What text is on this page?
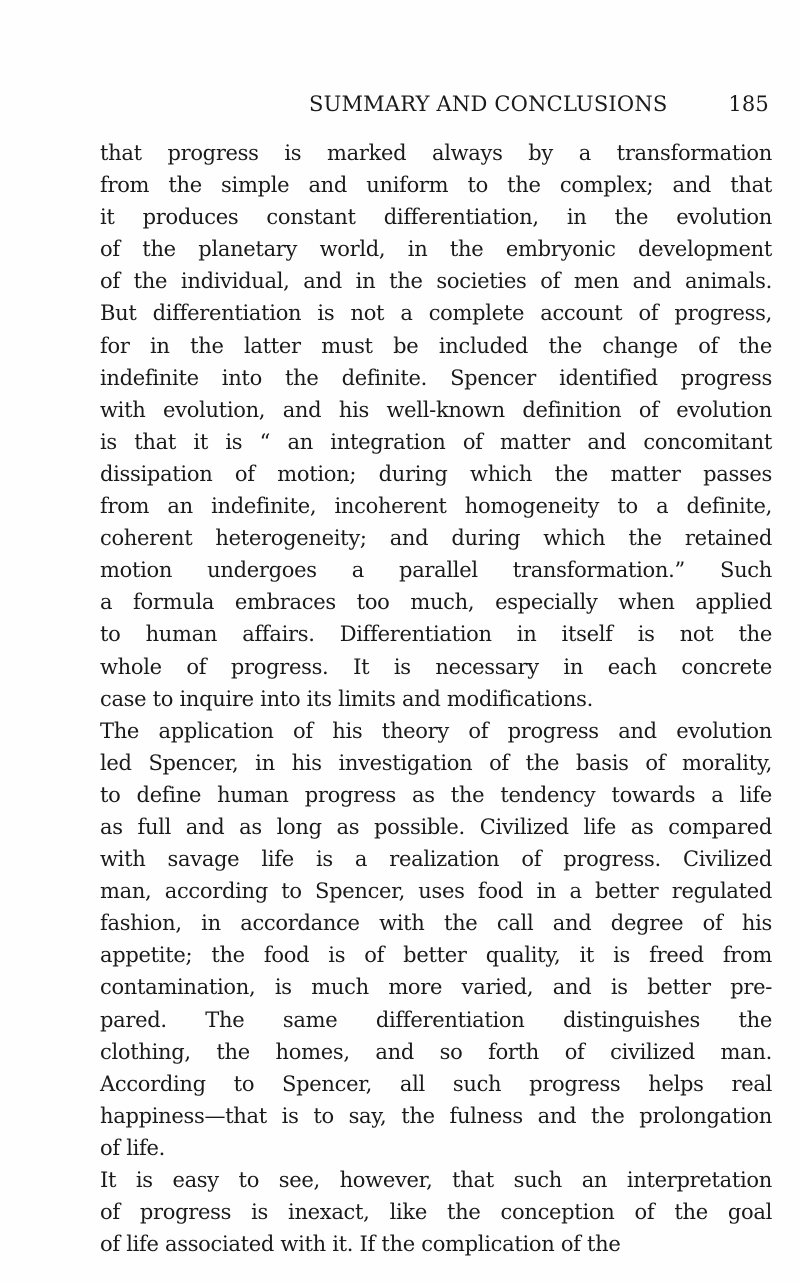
SUMMARY AND CONCLUSIONS	185
that progress is marked always by a transformation
from the simple and uniform to the complex; and that
it produces constant differentiation, in the evolution
of the planetary world, in the embryonic development
of the individual, and in the societies of men and animals.
But differentiation is not a complete account of progress,
for in the latter must be included the change of the
indefinite into the definite. Spencer identified progress
with evolution, and his well-known definition of evolution
is that it is “ an integration of matter and concomitant
dissipation of motion; during which the matter passes
from an indefinite, incoherent homogeneity to a definite,
coherent heterogeneity; and during which the retained
motion undergoes a parallel transformation.” Such
a formula embraces too much, especially when applied
to human affairs. Differentiation in itself is not the
whole of progress. It is necessary in each concrete
case to inquire into its limits and modifications.
The application of his theory of progress and evolution
led Spencer, in his investigation of the basis of morality,
to define human progress as the tendency towards a life
as full and as long as possible. Civilized life as compared
with savage life is a realization of progress. Civilized
man, according to Spencer, uses food in a better regulated
fashion, in accordance with the call and degree of his
appetite; the food is of better quality, it is freed from
contamination, is much more varied, and is better pre-
pared. The same differentiation distinguishes the
clothing, the homes, and so forth of civilized man.
According to Spencer, all such progress helps real
happiness—that is to say, the fulness and the prolongation
of life.
It is easy to see, however, that such an interpretation
of progress is inexact, like the conception of the goal
of life associated with it. If the complication of the
